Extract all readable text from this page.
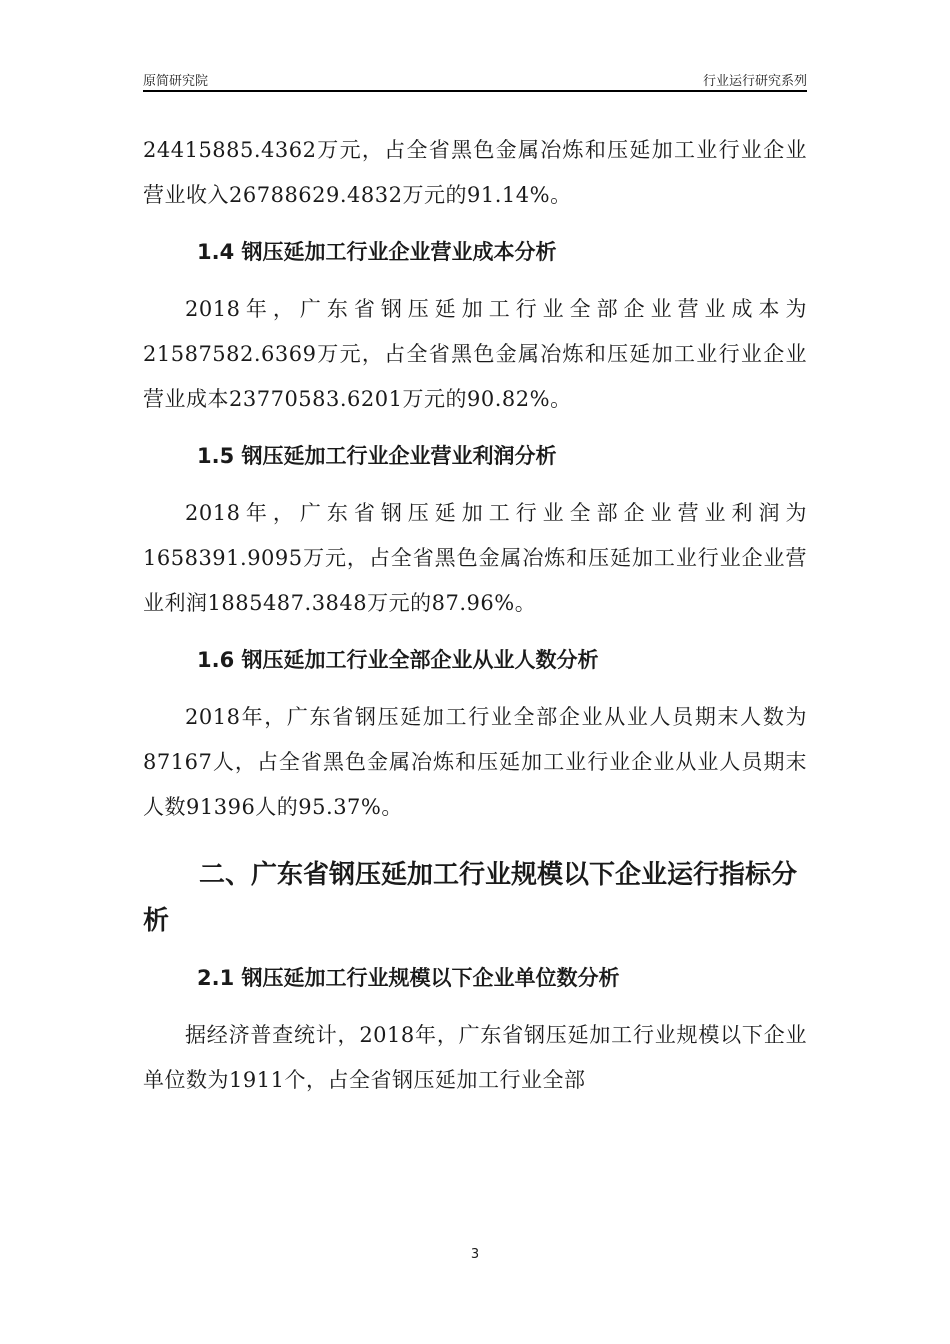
原简研究院	行业运行研究系列

24415885.4362万元，占全省黑色金属冶炼和压延加工业行业企业营业收入26788629.4832万元的91.14%。

1.4 钢压延加工行业企业营业成本分析

2018年，广东省钢压延加工行业全部企业营业成本为21587582.6369万元，占全省黑色金属冶炼和压延加工业行业企业营业成本23770583.6201万元的90.82%。

1.5 钢压延加工行业企业营业利润分析

2018年，广东省钢压延加工行业全部企业营业利润为1658391.9095万元，占全省黑色金属冶炼和压延加工业行业企业营业利润1885487.3848万元的87.96%。

1.6 钢压延加工行业全部企业从业人数分析

2018年，广东省钢压延加工行业全部企业从业人员期末人数为87167人，占全省黑色金属冶炼和压延加工业行业企业从业人员期末人数91396人的95.37%。

二、广东省钢压延加工行业规模以下企业运行指标分析
2.1 钢压延加工行业规模以下企业单位数分析

据经济普查统计，2018年，广东省钢压延加工行业规模以下企业单位数为1911个，占全省钢压延加工行业全部

3
